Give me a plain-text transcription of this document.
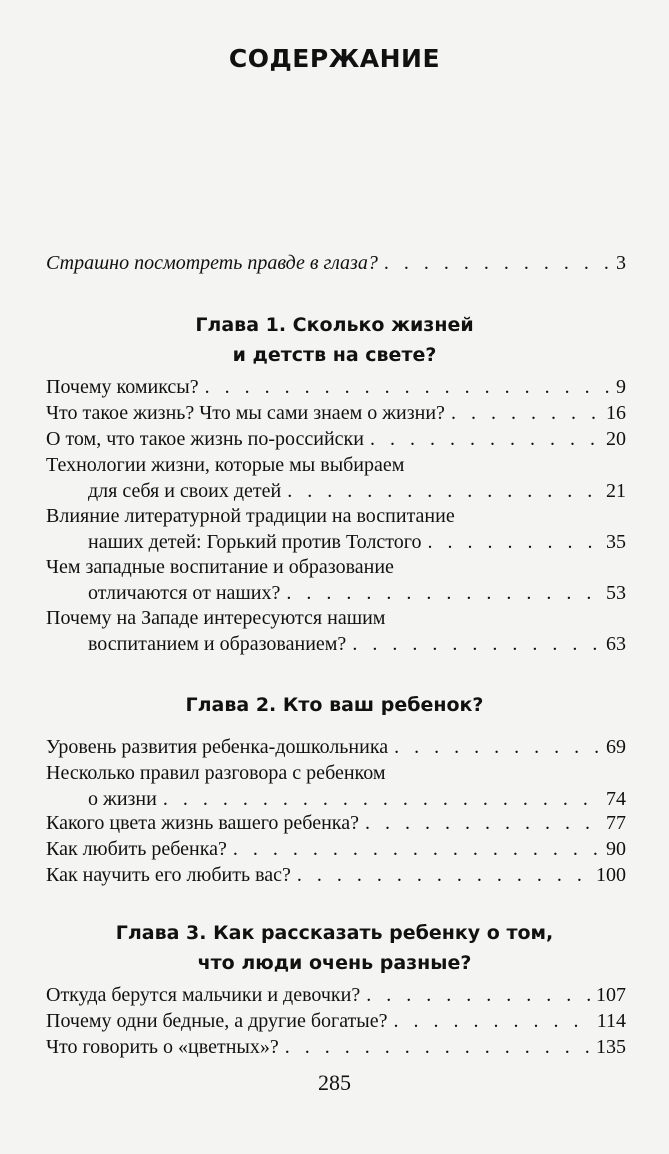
СОДЕРЖАНИЕ
Страшно посмотреть правде в глаза? . . .	3
Глава 1. Сколько жизней
и детств на свете?
Почему комиксы? . . .	9
Что такое жизнь? Что мы сами знаем о жизни? . . .	16
О том, что такое жизнь по-российски . . .	20
Технологии жизни, которые мы выбираем
для себя и своих детей . . .	21
Влияние литературной традиции на воспитание
наших детей: Горький против Толстого . . .	35
Чем западные воспитание и образование
отличаются от наших? . . .	53
Почему на Западе интересуются нашим
воспитанием и образованием? . . .	63
Глава 2. Кто ваш ребенок?
Уровень развития ребенка-дошкольника . . .	69
Несколько правил разговора с ребенком
о жизни . . .	74
Какого цвета жизнь вашего ребенка? . . .	77
Как любить ребенка? . . .	90
Как научить его любить вас? . . .	100
Глава 3. Как рассказать ребенку о том,
что люди очень разные?
Откуда берутся мальчики и девочки? . . .	107
Почему одни бедные, а другие богатые? . . .	114
Что говорить о «цветных»? . . .	135
285
